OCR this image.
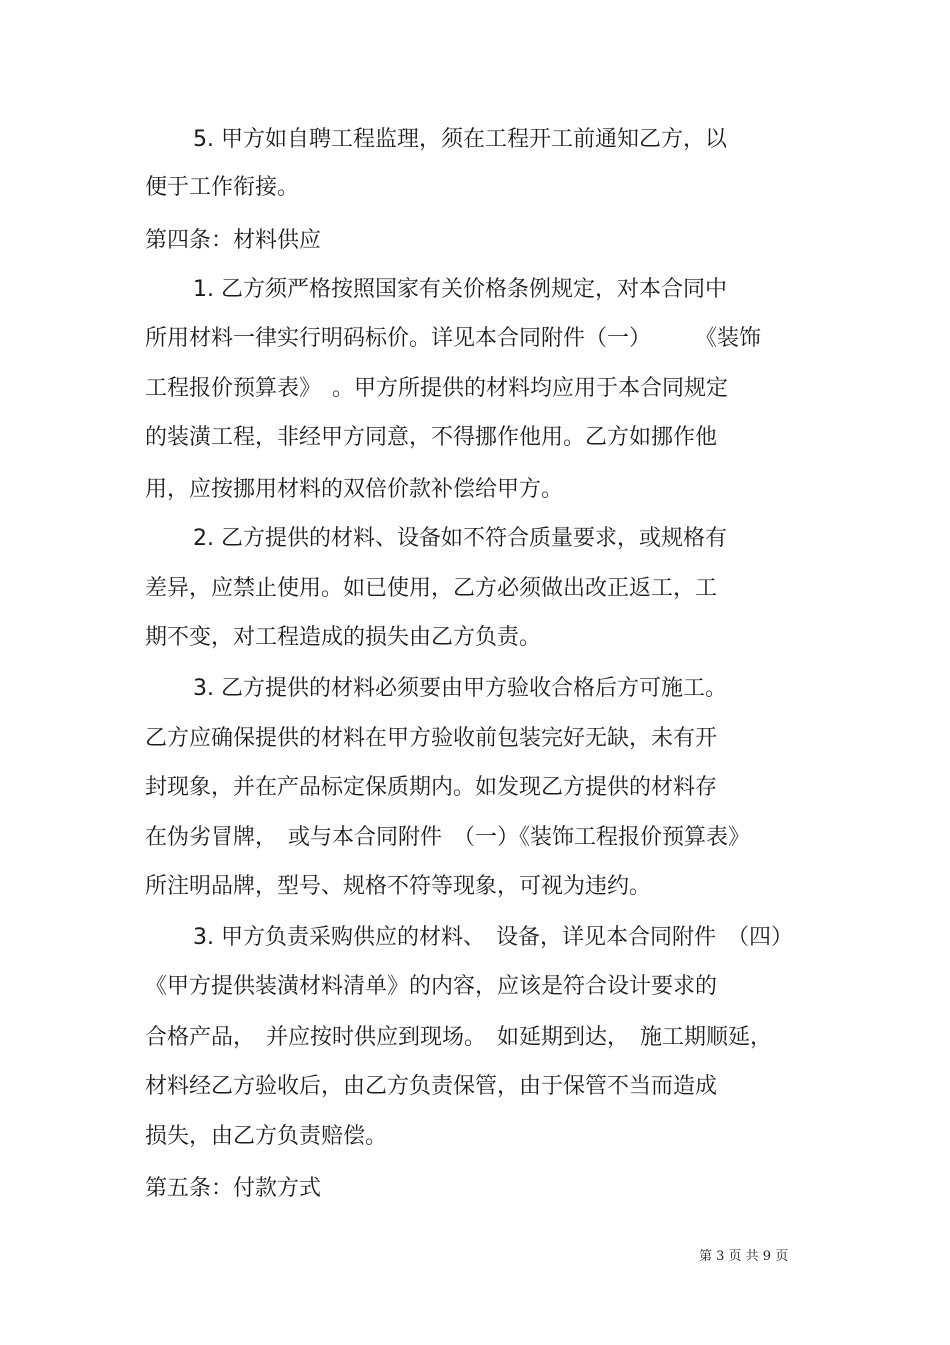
5. 甲方如自聘工程监理，须在工程开工前通知乙方，以
便于工作衔接。
第四条：材料供应
1. 乙方须严格按照国家有关价格条例规定，对本合同中
所用材料一律实行明码标价。详见本合同附件（一）　　　《装饰
工程报价预算表》　。甲方所提供的材料均应用于本合同规定
的装潢工程，非经甲方同意，不得挪作他用。乙方如挪作他
用，应按挪用材料的双倍价款补偿给甲方。
2. 乙方提供的材料、设备如不符合质量要求，或规格有
差异，应禁止使用。如已使用，乙方必须做出改正返工，工
期不变，对工程造成的损失由乙方负责。
3. 乙方提供的材料必须要由甲方验收合格后方可施工。
乙方应确保提供的材料在甲方验收前包装完好无缺，未有开
封现象，并在产品标定保质期内。如发现乙方提供的材料存
在伪劣冒牌，　或与本合同附件　（一）《装饰工程报价预算表》
所注明品牌，型号、规格不符等现象，可视为违约。
3. 甲方负责采购供应的材料、　设备，详见本合同附件　（四）
《甲方提供装潢材料清单》的内容，应该是符合设计要求的
合格产品，　并应按时供应到现场。　如延期到达，　施工期顺延，
材料经乙方验收后，由乙方负责保管，由于保管不当而造成
损失，由乙方负责赔偿。
第五条：付款方式
第 3 页 共 9 页
